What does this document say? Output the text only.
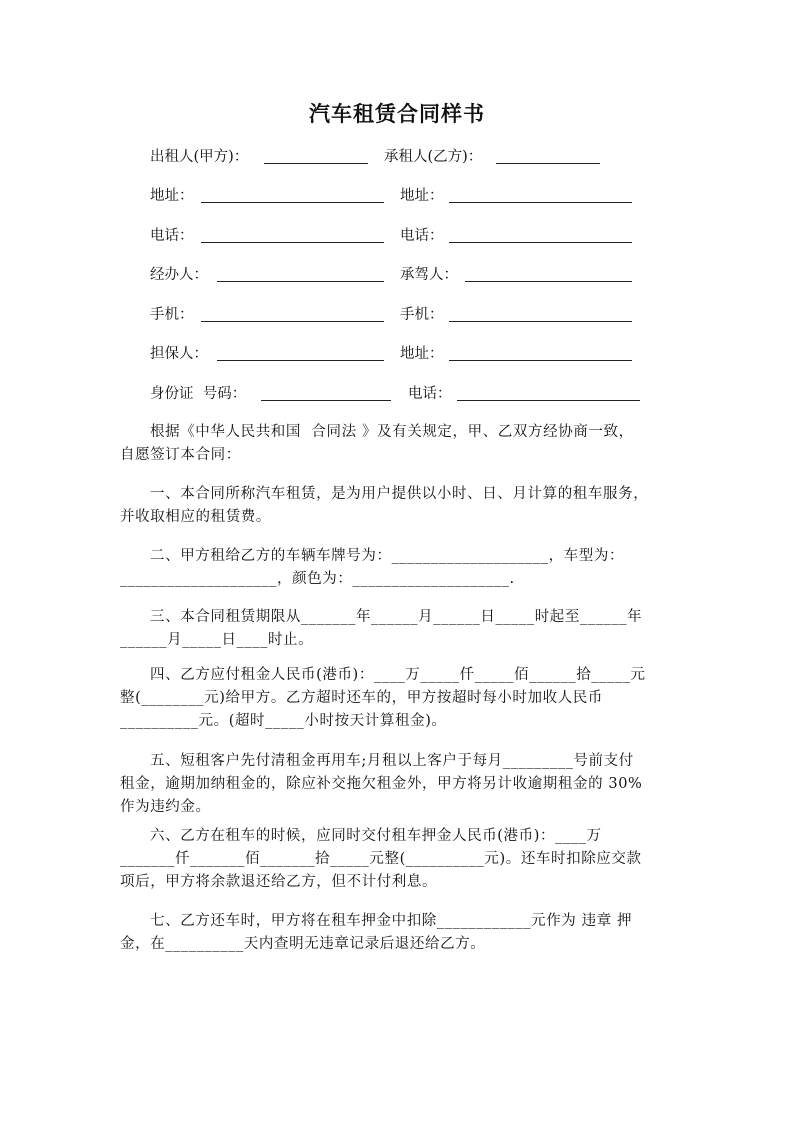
汽车租赁合同样书
出租人(甲方)：	承租人(乙方)：
地址：	地址：
电话：	电话：
经办人：	承驾人：
手机：	手机：
担保人：	地址：
身份证  号码：	电话：
根据《中华人民共和国  合同法 》及有关规定，甲、乙双方经协商一致，
自愿签订本合同：
一、本合同所称汽车租赁，是为用户提供以小时、日、月计算的租车服务，
并收取相应的租赁费。
二、甲方租给乙方的车辆车牌号为：____________________，车型为：
____________________，颜色为：____________________.
三、本合同租赁期限从_______年______月______日_____时起至______年
______月_____日____时止。
四、乙方应付租金人民币(港币)：____万_____仟_____佰______拾_____元
整(________元)给甲方。乙方超时还车的，甲方按超时每小时加收人民币
__________元。(超时_____小时按天计算租金)。
五、短租客户先付清租金再用车;月租以上客户于每月_________号前支付
租金，逾期加纳租金的，除应补交拖欠租金外，甲方将另计收逾期租金的 30%
作为违约金。
六、乙方在租车的时候，应同时交付租车押金人民币(港币)：____万
_______仟_______佰_______拾_____元整(__________元)。还车时扣除应交款
项后，甲方将余款退还给乙方，但不计付利息。
七、乙方还车时，甲方将在租车押金中扣除____________元作为 违章 押
金，在__________天内查明无违章记录后退还给乙方。
